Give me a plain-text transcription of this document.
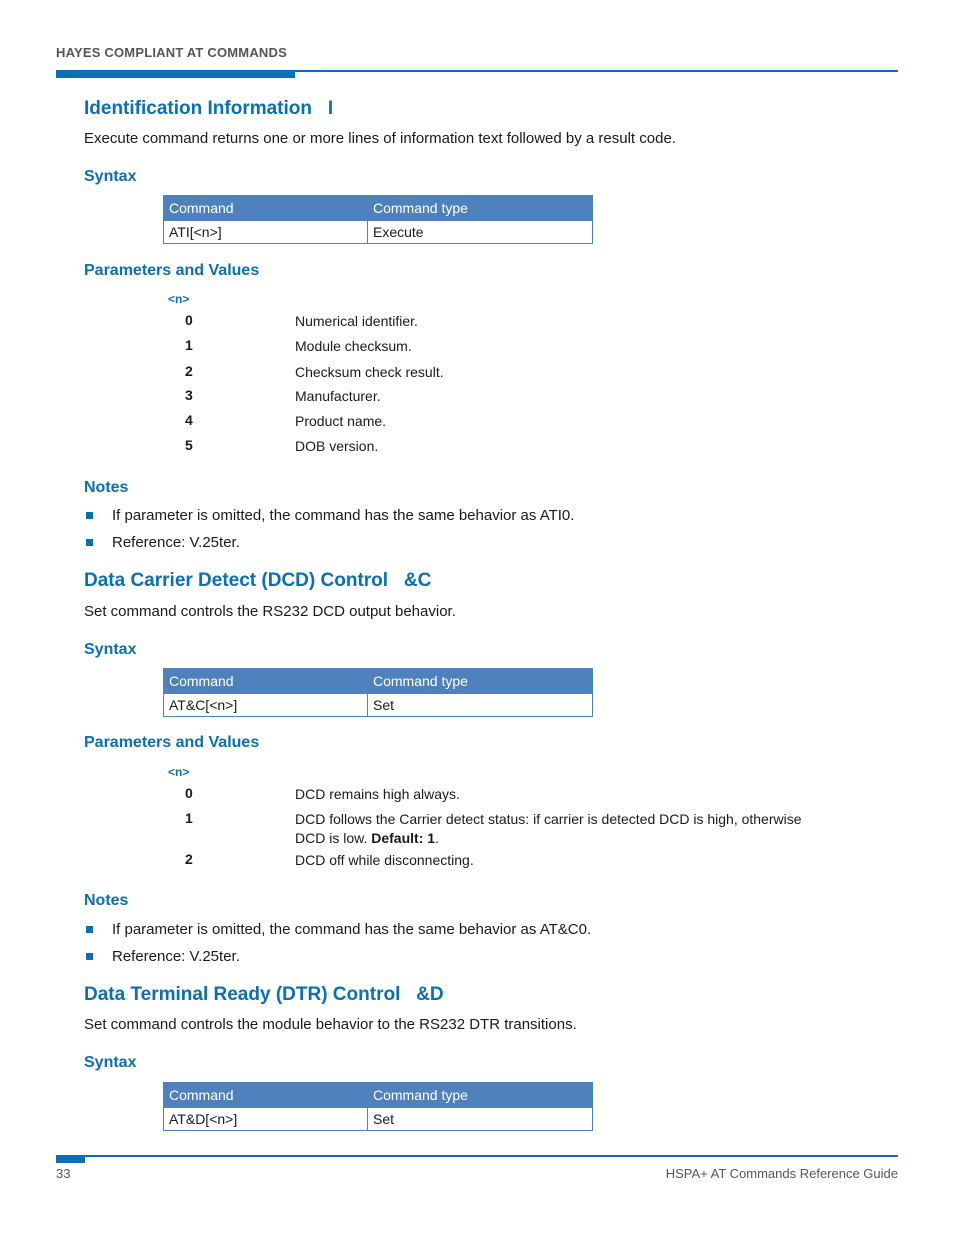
HAYES COMPLIANT AT COMMANDS
Identification Information   I
Execute command returns one or more lines of information text followed by a result code.
Syntax
Command	Command type
ATI[<n>]	Execute
Parameters and Values
<n>
0	Numerical identifier.
1	Module checksum.
2	Checksum check result.
3	Manufacturer.
4	Product name.
5	DOB version.
Notes
If parameter is omitted, the command has the same behavior as ATI0.
Reference: V.25ter.
Data Carrier Detect (DCD) Control   &C
Set command controls the RS232 DCD output behavior.
Syntax
Command	Command type
AT&C[<n>]	Set
Parameters and Values
<n>
0	DCD remains high always.
1	DCD follows the Carrier detect status: if carrier is detected DCD is high, otherwise DCD is low. Default: 1.
2	DCD off while disconnecting.
Notes
If parameter is omitted, the command has the same behavior as AT&C0.
Reference: V.25ter.
Data Terminal Ready (DTR) Control   &D
Set command controls the module behavior to the RS232 DTR transitions.
Syntax
Command	Command type
AT&D[<n>]	Set
33	HSPA+ AT Commands Reference Guide
